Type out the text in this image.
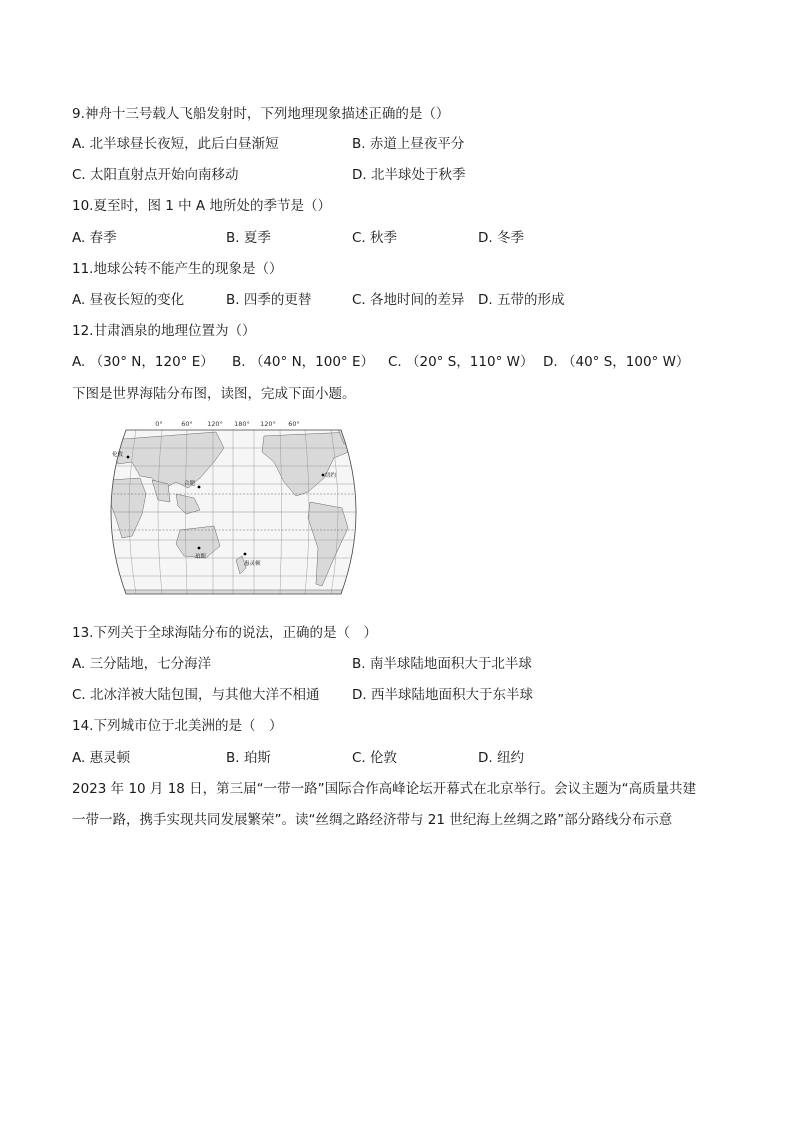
9.神舟十三号载人飞船发射时，下列地理现象描述正确的是（）
A. 北半球昼长夜短，此后白昼渐短	B. 赤道上昼夜平分
C. 太阳直射点开始向南移动	D. 北半球处于秋季
10.夏至时，图 1 中 A 地所处的季节是（）
A. 春季	B. 夏季	C. 秋季	D. 冬季
11.地球公转不能产生的现象是（）
A. 昼夜长短的变化	B. 四季的更替	C. 各地时间的差异 D. 五带的形成
12.甘肃酒泉的地理位置为（）
A. （30° N，120° E） B. （40° N，100° E） C. （20° S，110° W） D. （40° S，100° W）
下图是世界海陆分布图，读图，完成下面小题。
0°	60° 120° 180° 120° 60°
伦敦
纽约
合肥
珀斯
惠灵顿
13.下列关于全球海陆分布的说法，正确的是（　）
A. 三分陆地，七分海洋	B. 南半球陆地面积大于北半球
C. 北冰洋被大陆包围，与其他大洋不相通 D. 西半球陆地面积大于东半球
14.下列城市位于北美洲的是（　）
A. 惠灵顿	B. 珀斯	C. 伦敦	D. 纽约
2023 年 10 月 18 日，第三届“一带一路”国际合作高峰论坛开幕式在北京举行。会议主题为“高质量共建
一带一路，携手实现共同发展繁荣”。读“丝绸之路经济带与 21 世纪海上丝绸之路”部分路线分布示意
